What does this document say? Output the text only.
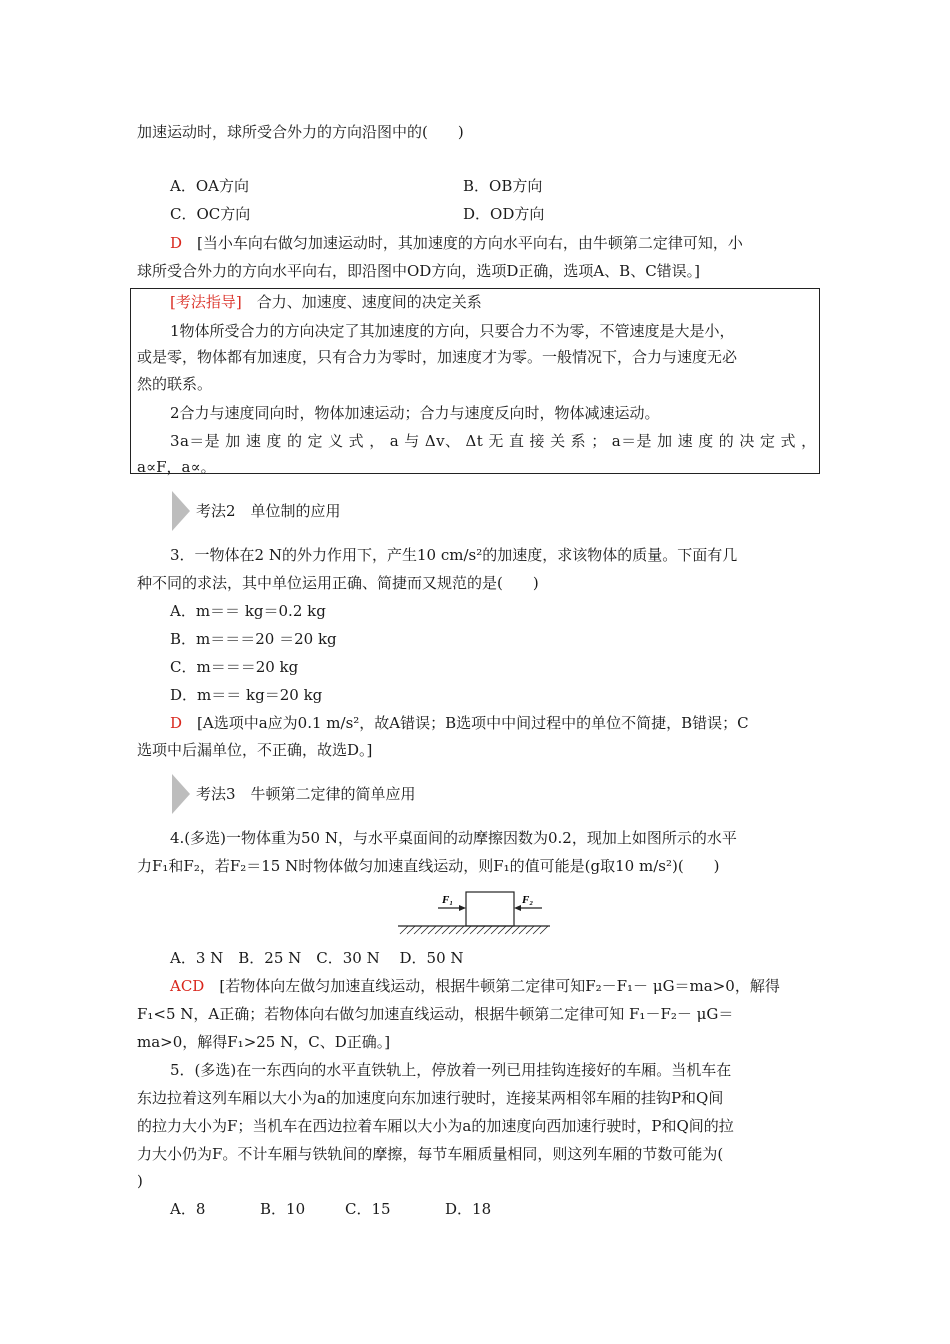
加速运动时，球所受合外力的方向沿图中的(　　)
A．OA方向	B．OB方向
C．OC方向	D．OD方向
D　 [当小车向右做匀加速运动时，其加速度的方向水平向右，由牛顿第二定律可知，小
球所受合外力的方向水平向右，即沿图中OD方向，选项D正确，选项A、B、C错误。]
[考法指导]　 合力、加速度、速度间的决定关系
1物体所受合力的方向决定了其加速度的方向，只要合力不为零，不管速度是大是小，
或是零，物体都有加速度，只有合力为零时，加速度才为零。一般情况下，合力与速度无必
然的联系。
2合力与速度同向时，物体加速运动；合力与速度反向时，物体减速运动。
3a＝是 加 速 度 的 定 义 式 ， a 与 Δv、 Δt 无 直 接 关 系 ； a＝是 加 速 度 的 决 定 式 ，
a∝F，a∝。
考法2　单位制的应用
3．一物体在2 N的外力作用下，产生10 cm/s²的加速度，求该物体的质量。下面有几
种不同的求法，其中单位运用正确、简捷而又规范的是(　　)
A．m＝＝ kg＝0.2 kg
B．m＝＝＝20 ＝20 kg
C．m＝＝＝20 kg
D．m＝＝ kg＝20 kg
D　 [A选项中a应为0.1 m/s²，故A错误；B选项中中间过程中的单位不简捷，B错误；C
选项中后漏单位，不正确，故选D。]
考法3　牛顿第二定律的简单应用
4.(多选)一物体重为50 N，与水平桌面间的动摩擦因数为0.2，现加上如图所示的水平
力F₁和F₂，若F₂＝15 N时物体做匀加速直线运动，则F₁的值可能是(g取10 m/s²)(　　)
F₁	F₂
A．3 N　B．25 N　C．30 N　 D．50 N
ACD　 [若物体向左做匀加速直线运动，根据牛顿第二定律可知F₂－F₁－ μG＝ma>0，解得
F₁<5 N，A正确；若物体向右做匀加速直线运动，根据牛顿第二定律可知 F₁－F₂－ μG＝
ma>0，解得F₁>25 N，C、D正确。]
5．(多选)在一东西向的水平直铁轨上，停放着一列已用挂钩连接好的车厢。当机车在
东边拉着这列车厢以大小为a的加速度向东加速行驶时，连接某两相邻车厢的挂钩P和Q间
的拉力大小为F；当机车在西边拉着车厢以大小为a的加速度向西加速行驶时，P和Q间的拉
力大小仍为F。不计车厢与铁轨间的摩擦，每节车厢质量相同，则这列车厢的节数可能为(
)
A．8	B．10	C．15	D．18
